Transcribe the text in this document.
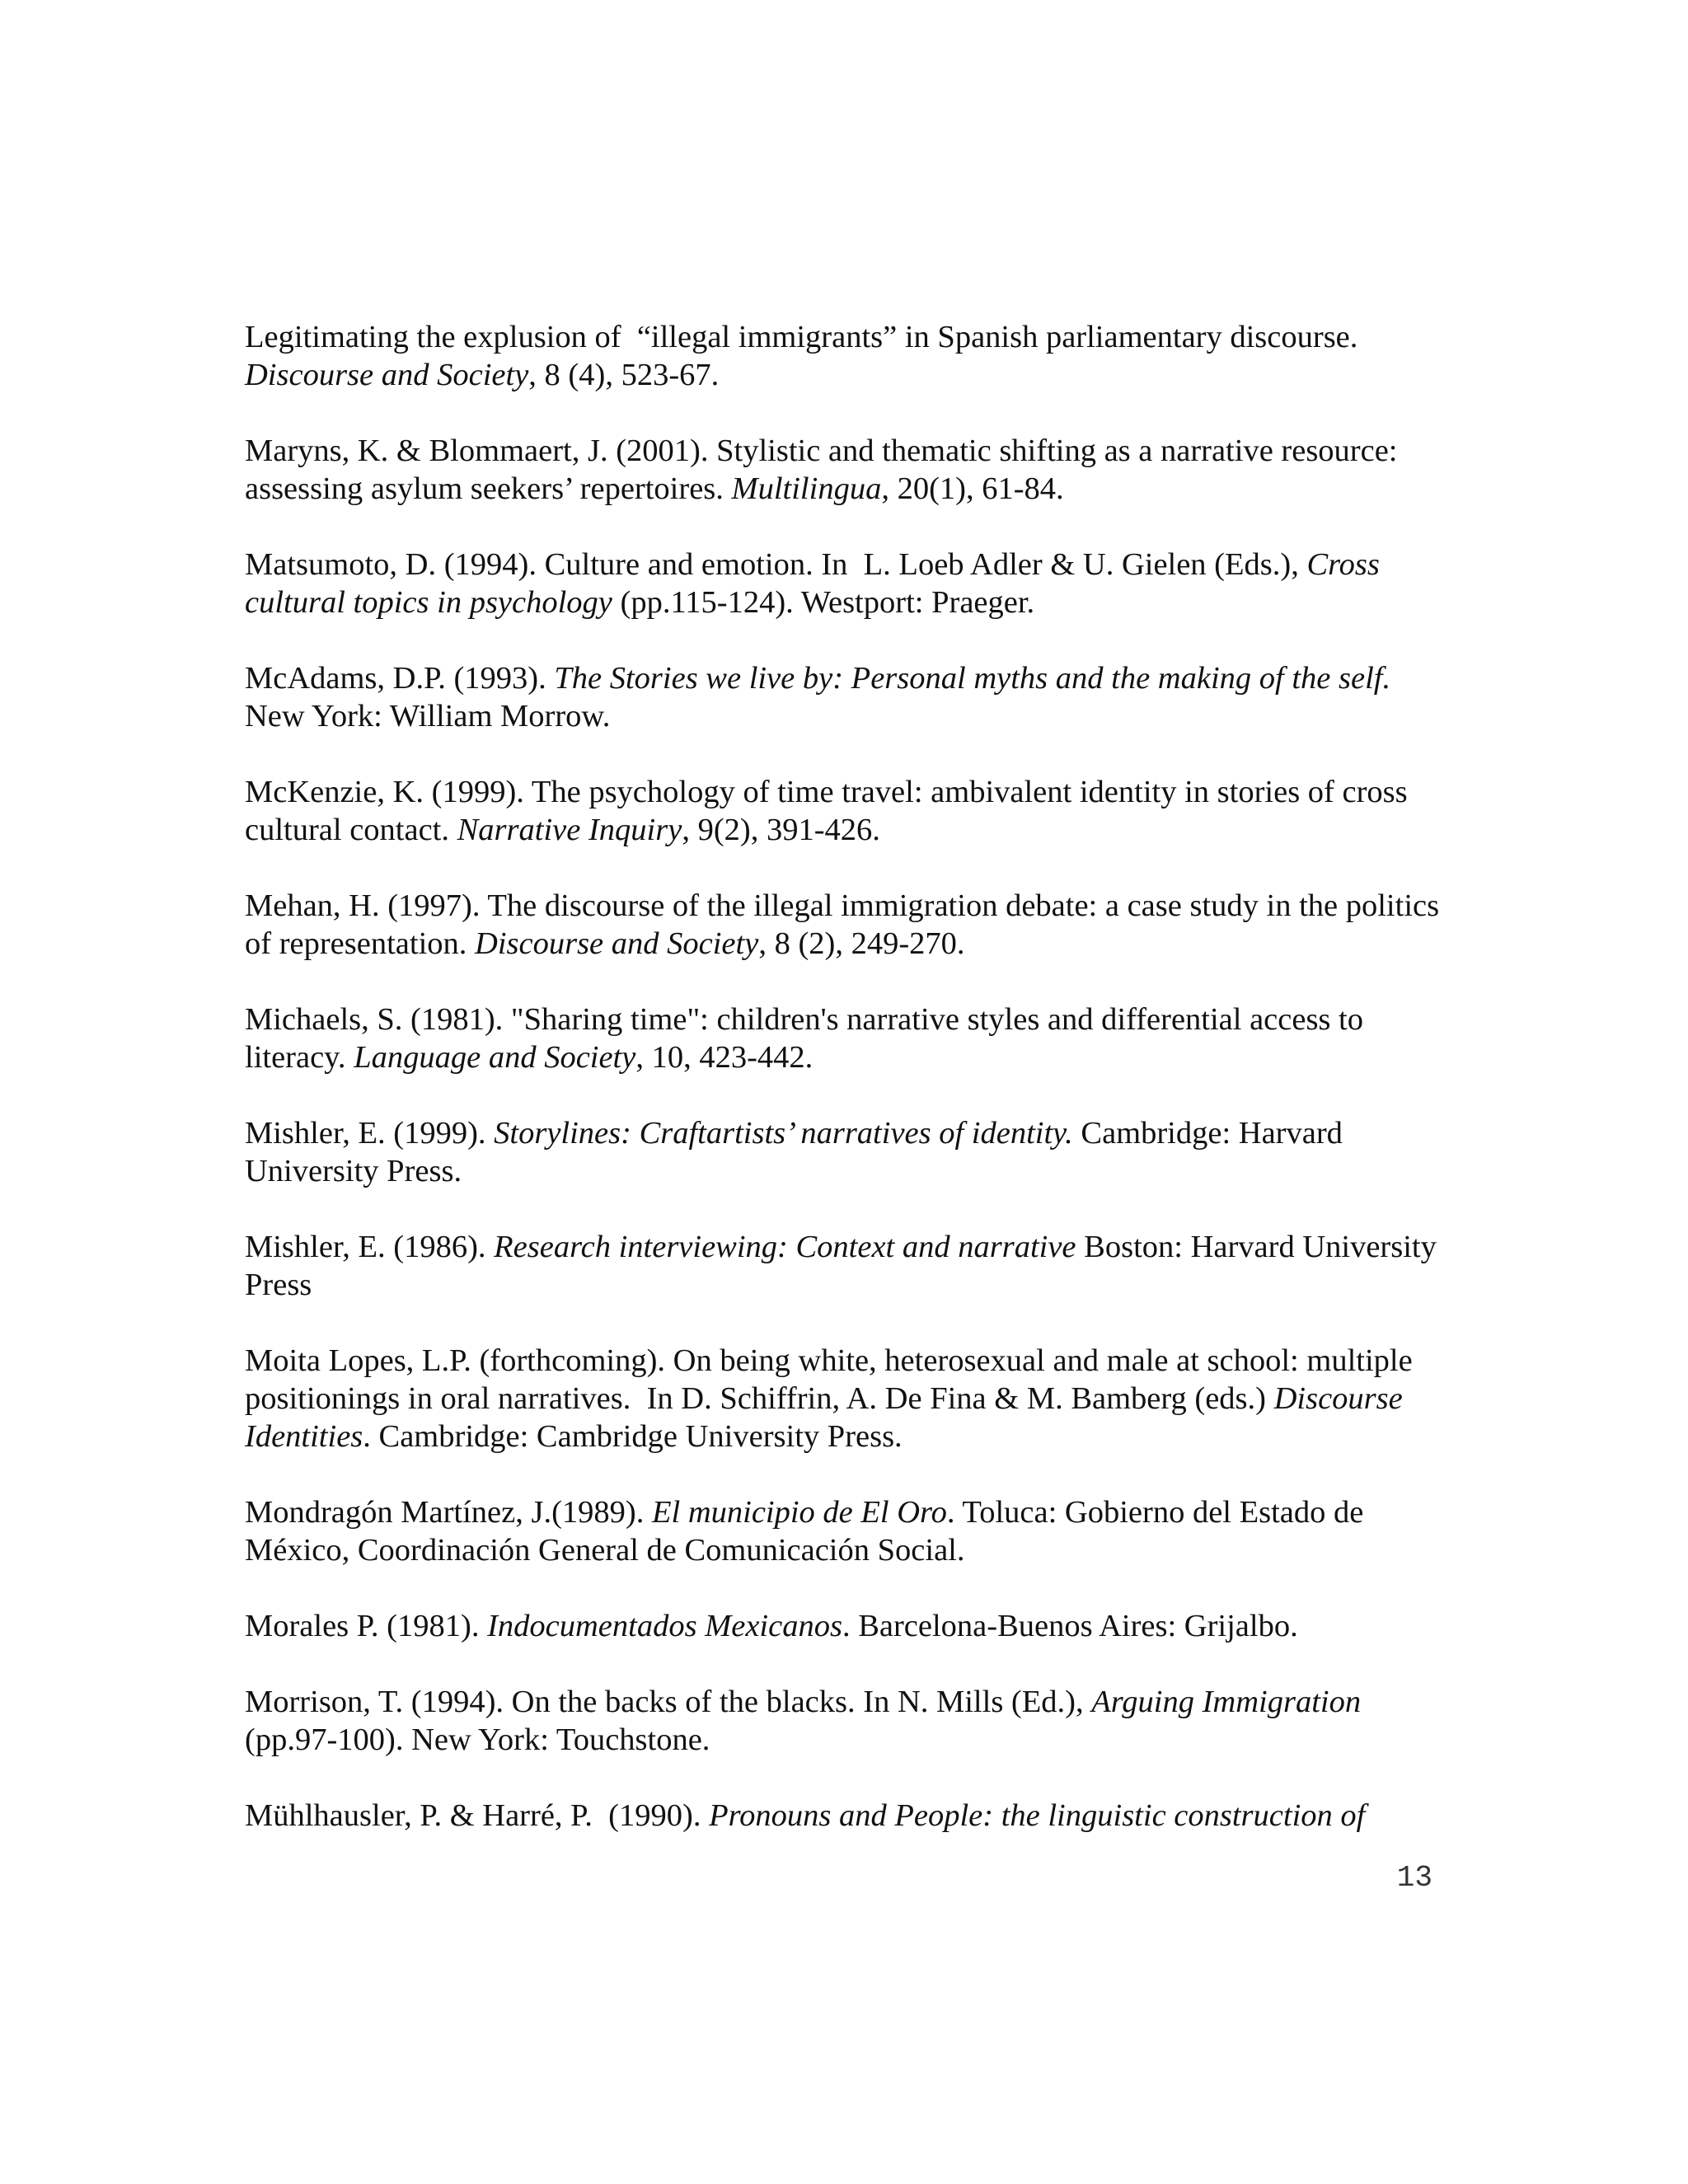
Legitimating the explusion of  “illegal immigrants” in Spanish parliamentary discourse. Discourse and Society, 8 (4), 523-67.

Maryns, K. & Blommaert, J. (2001). Stylistic and thematic shifting as a narrative resource: assessing asylum seekers’ repertoires. Multilingua, 20(1), 61-84.

Matsumoto, D. (1994). Culture and emotion. In  L. Loeb Adler & U. Gielen (Eds.), Cross cultural topics in psychology (pp.115-124). Westport: Praeger.

McAdams, D.P. (1993). The Stories we live by: Personal myths and the making of the self.  New York: William Morrow.

McKenzie, K. (1999). The psychology of time travel: ambivalent identity in stories of cross cultural contact. Narrative Inquiry, 9(2), 391-426.

Mehan, H. (1997). The discourse of the illegal immigration debate: a case study in the politics of representation. Discourse and Society, 8 (2), 249-270.

Michaels, S. (1981). "Sharing time": children's narrative styles and differential access to literacy. Language and Society, 10, 423-442.

Mishler, E. (1999). Storylines: Craftartists’ narratives of identity. Cambridge: Harvard University Press.

Mishler, E. (1986). Research interviewing: Context and narrative Boston: Harvard University Press

Moita Lopes, L.P. (forthcoming). On being white, heterosexual and male at school: multiple positionings in oral narratives.  In D. Schiffrin, A. De Fina & M. Bamberg (eds.) Discourse Identities. Cambridge: Cambridge University Press.

Mondragón Martínez, J.(1989). El municipio de El Oro. Toluca: Gobierno del Estado de México, Coordinación General de Comunicación Social.

Morales P. (1981). Indocumentados Mexicanos. Barcelona-Buenos Aires: Grijalbo.

Morrison, T. (1994). On the backs of the blacks. In N. Mills (Ed.), Arguing Immigration (pp.97-100). New York: Touchstone.

Mühlhausler, P. & Harré, P.  (1990). Pronouns and People: the linguistic construction of

13
